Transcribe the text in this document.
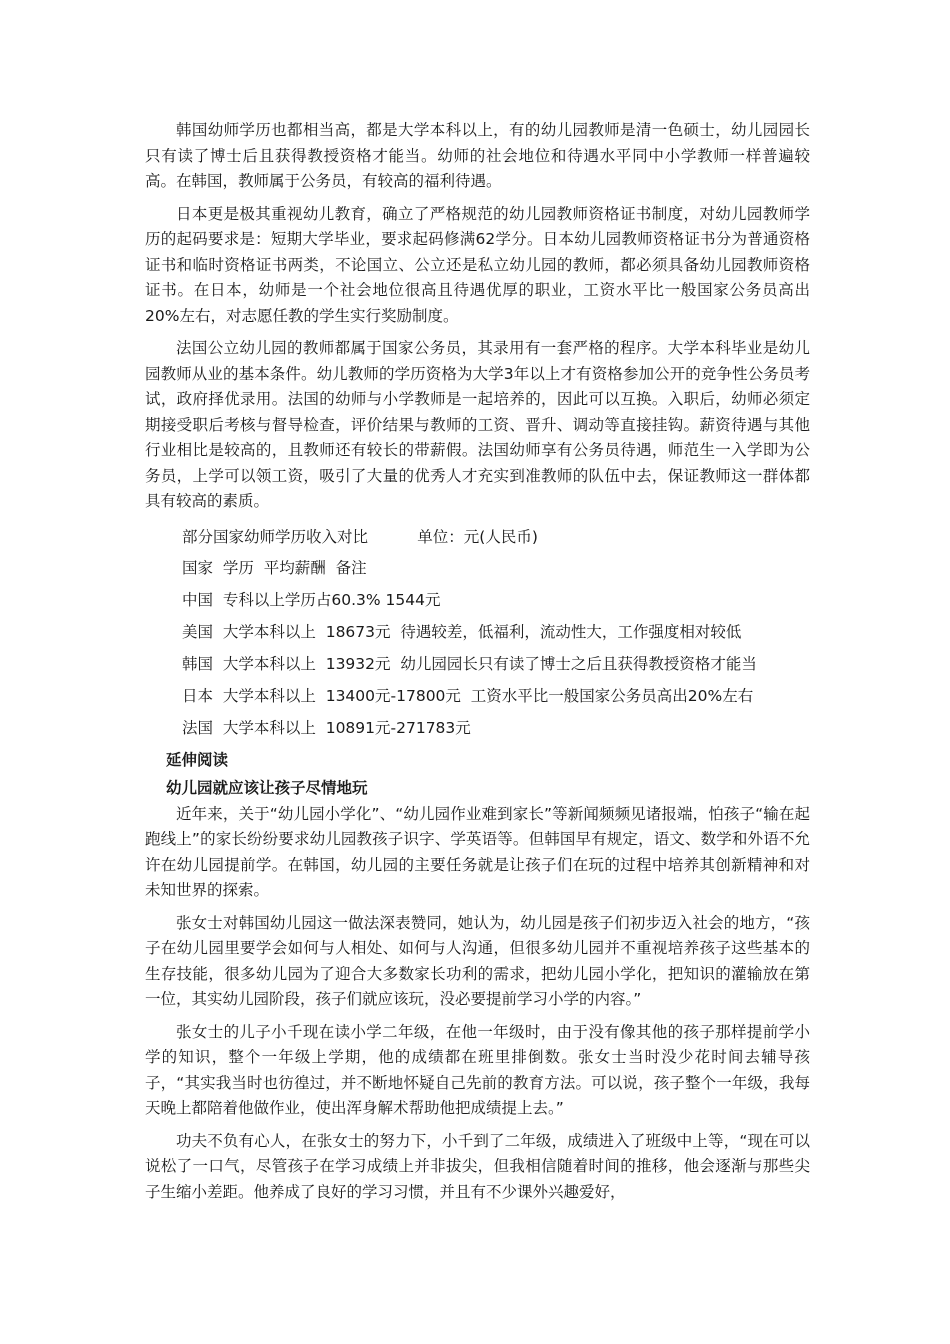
韩国幼师学历也都相当高，都是大学本科以上，有的幼儿园教师是清一色硕士，幼儿园园长只有读了博士后且获得教授资格才能当。幼师的社会地位和待遇水平同中小学教师一样普遍较高。在韩国，教师属于公务员，有较高的福利待遇。

日本更是极其重视幼儿教育，确立了严格规范的幼儿园教师资格证书制度，对幼儿园教师学历的起码要求是：短期大学毕业，要求起码修满62学分。日本幼儿园教师资格证书分为普通资格证书和临时资格证书两类，不论国立、公立还是私立幼儿园的教师，都必须具备幼儿园教师资格证书。在日本，幼师是一个社会地位很高且待遇优厚的职业，工资水平比一般国家公务员高出20%左右，对志愿任教的学生实行奖励制度。

法国公立幼儿园的教师都属于国家公务员，其录用有一套严格的程序。大学本科毕业是幼儿园教师从业的基本条件。幼儿教师的学历资格为大学3年以上才有资格参加公开的竞争性公务员考试，政府择优录用。法国的幼师与小学教师是一起培养的，因此可以互换。入职后，幼师必须定期接受职后考核与督导检查，评价结果与教师的工资、晋升、调动等直接挂钩。薪资待遇与其他行业相比是较高的，且教师还有较长的带薪假。法国幼师享有公务员待遇，师范生一入学即为公务员，上学可以领工资，吸引了大量的优秀人才充实到准教师的队伍中去，保证教师这一群体都具有较高的素质。

部分国家幼师学历收入对比          单位：元(人民币)

国家  学历  平均薪酬  备注

中国  专科以上学历占60.3% 1544元

美国  大学本科以上  18673元  待遇较差，低福利，流动性大，工作强度相对较低

韩国  大学本科以上  13932元  幼儿园园长只有读了博士之后且获得教授资格才能当

日本  大学本科以上  13400元-17800元  工资水平比一般国家公务员高出20%左右

法国  大学本科以上  10891元-271783元

延伸阅读

幼儿园就应该让孩子尽情地玩

近年来，关于“幼儿园小学化”、“幼儿园作业难到家长”等新闻频频见诸报端，怕孩子“输在起跑线上”的家长纷纷要求幼儿园教孩子识字、学英语等。但韩国早有规定，语文、数学和外语不允许在幼儿园提前学。在韩国，幼儿园的主要任务就是让孩子们在玩的过程中培养其创新精神和对未知世界的探索。

张女士对韩国幼儿园这一做法深表赞同，她认为，幼儿园是孩子们初步迈入社会的地方，“孩子在幼儿园里要学会如何与人相处、如何与人沟通，但很多幼儿园并不重视培养孩子这些基本的生存技能，很多幼儿园为了迎合大多数家长功利的需求，把幼儿园小学化，把知识的灌输放在第一位，其实幼儿园阶段，孩子们就应该玩，没必要提前学习小学的内容。”

张女士的儿子小千现在读小学二年级，在他一年级时，由于没有像其他的孩子那样提前学小学的知识，整个一年级上学期，他的成绩都在班里排倒数。张女士当时没少花时间去辅导孩子，“其实我当时也彷徨过，并不断地怀疑自己先前的教育方法。可以说，孩子整个一年级，我每天晚上都陪着他做作业，使出浑身解术帮助他把成绩提上去。”

功夫不负有心人，在张女士的努力下，小千到了二年级，成绩进入了班级中上等，“现在可以说松了一口气，尽管孩子在学习成绩上并非拔尖，但我相信随着时间的推移，他会逐渐与那些尖子生缩小差距。他养成了良好的学习习惯，并且有不少课外兴趣爱好，
